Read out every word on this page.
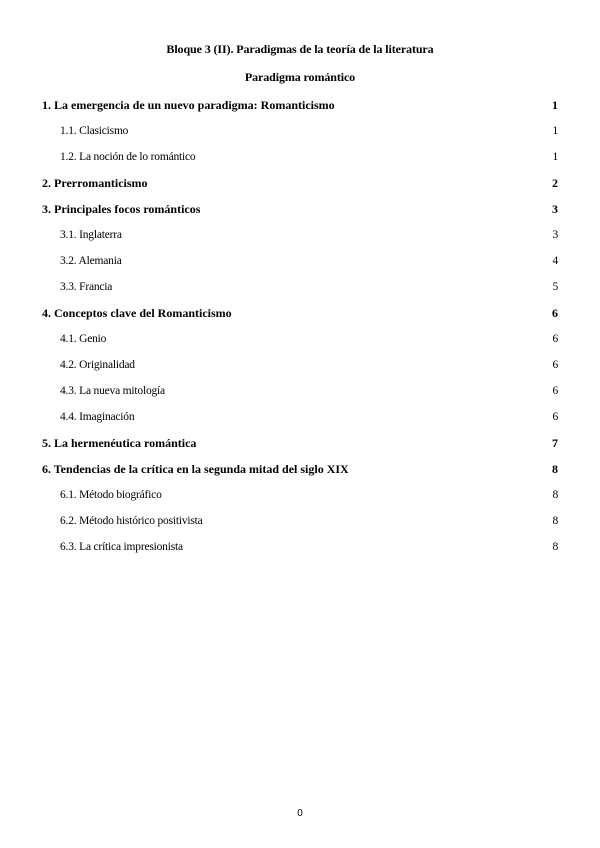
Bloque 3 (II). Paradigmas de la teoría de la literatura
Paradigma romántico
1. La emergencia de un nuevo paradigma: Romanticismo	1
1.1. Clasicismo	1
1.2. La noción de lo romántico	1
2. Prerromanticismo	2
3. Principales focos románticos	3
3.1. Inglaterra	3
3.2. Alemania	4
3.3. Francia	5
4. Conceptos clave del Romanticismo	6
4.1. Genio	6
4.2. Originalidad	6
4.3. La nueva mitología	6
4.4. Imaginación	6
5. La hermenéutica romántica	7
6. Tendencias de la crítica en la segunda mitad del siglo XIX	8
6.1. Método biográfico	8
6.2. Método histórico positivista	8
6.3. La crítica impresionista	8
0
